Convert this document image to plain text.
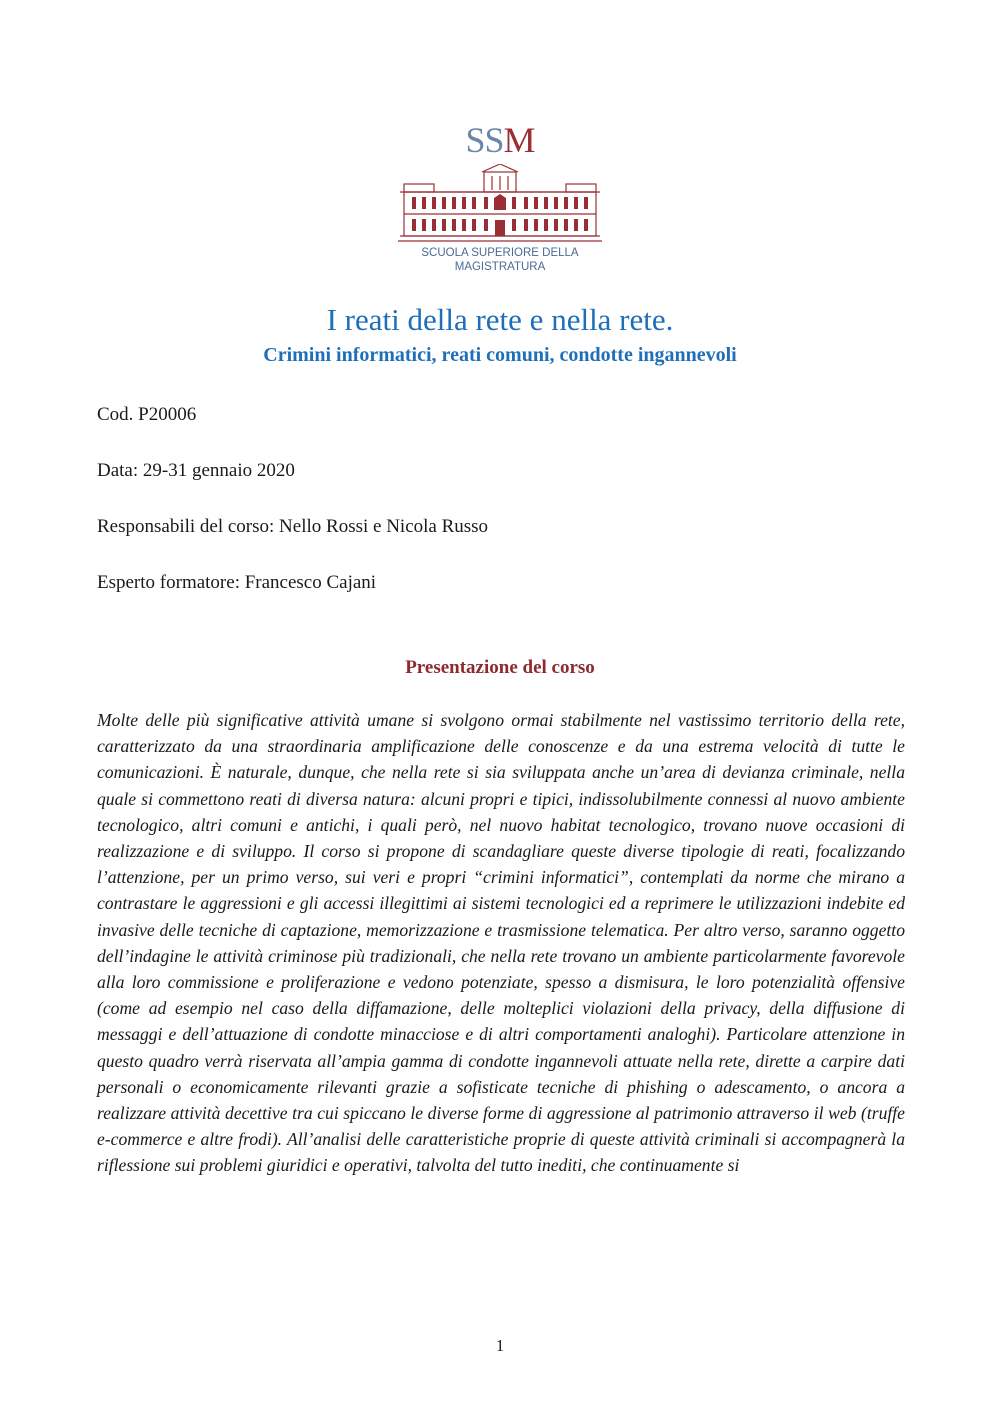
SSM
SCUOLA SUPERIORE DELLA MAGISTRATURA
I reati della rete e nella rete.
Crimini informatici, reati comuni, condotte ingannevoli
Cod. P20006
Data: 29-31 gennaio 2020
Responsabili del corso: Nello Rossi e Nicola Russo
Esperto formatore: Francesco Cajani
Presentazione del corso
Molte delle più significative attività umane si svolgono ormai stabilmente nel vastissimo territorio della rete, caratterizzato da una straordinaria amplificazione delle conoscenze e da una estrema velocità di tutte le comunicazioni. È naturale, dunque, che nella rete si sia sviluppata anche un’area di devianza criminale, nella quale si commettono reati di diversa natura: alcuni propri e tipici, indissolubilmente connessi al nuovo ambiente tecnologico, altri comuni e antichi, i quali però, nel nuovo habitat tecnologico, trovano nuove occasioni di realizzazione e di sviluppo. Il corso si propone di scandagliare queste diverse tipologie di reati, focalizzando l’attenzione, per un primo verso, sui veri e propri “crimini informatici”, contemplati da norme che mirano a contrastare le aggressioni e gli accessi illegittimi ai sistemi tecnologici ed a reprimere le utilizzazioni indebite ed invasive delle tecniche di captazione, memorizzazione e trasmissione telematica. Per altro verso, saranno oggetto dell’indagine le attività criminose più tradizionali, che nella rete trovano un ambiente particolarmente favorevole alla loro commissione e proliferazione e vedono potenziate, spesso a dismisura, le loro potenzialità offensive (come ad esempio nel caso della diffamazione, delle molteplici violazioni della privacy, della diffusione di messaggi e dell’attuazione di condotte minacciose e di altri comportamenti analoghi). Particolare attenzione in questo quadro verrà riservata all’ampia gamma di condotte ingannevoli attuate nella rete, dirette a carpire dati personali o economicamente rilevanti grazie a sofisticate tecniche di phishing o adescamento, o ancora a realizzare attività decettive tra cui spiccano le diverse forme di aggressione al patrimonio attraverso il web (truffe e-commerce e altre frodi). All’analisi delle caratteristiche proprie di queste attività criminali si accompagnerà la riflessione sui problemi giuridici e operativi, talvolta del tutto inediti, che continuamente si
1
